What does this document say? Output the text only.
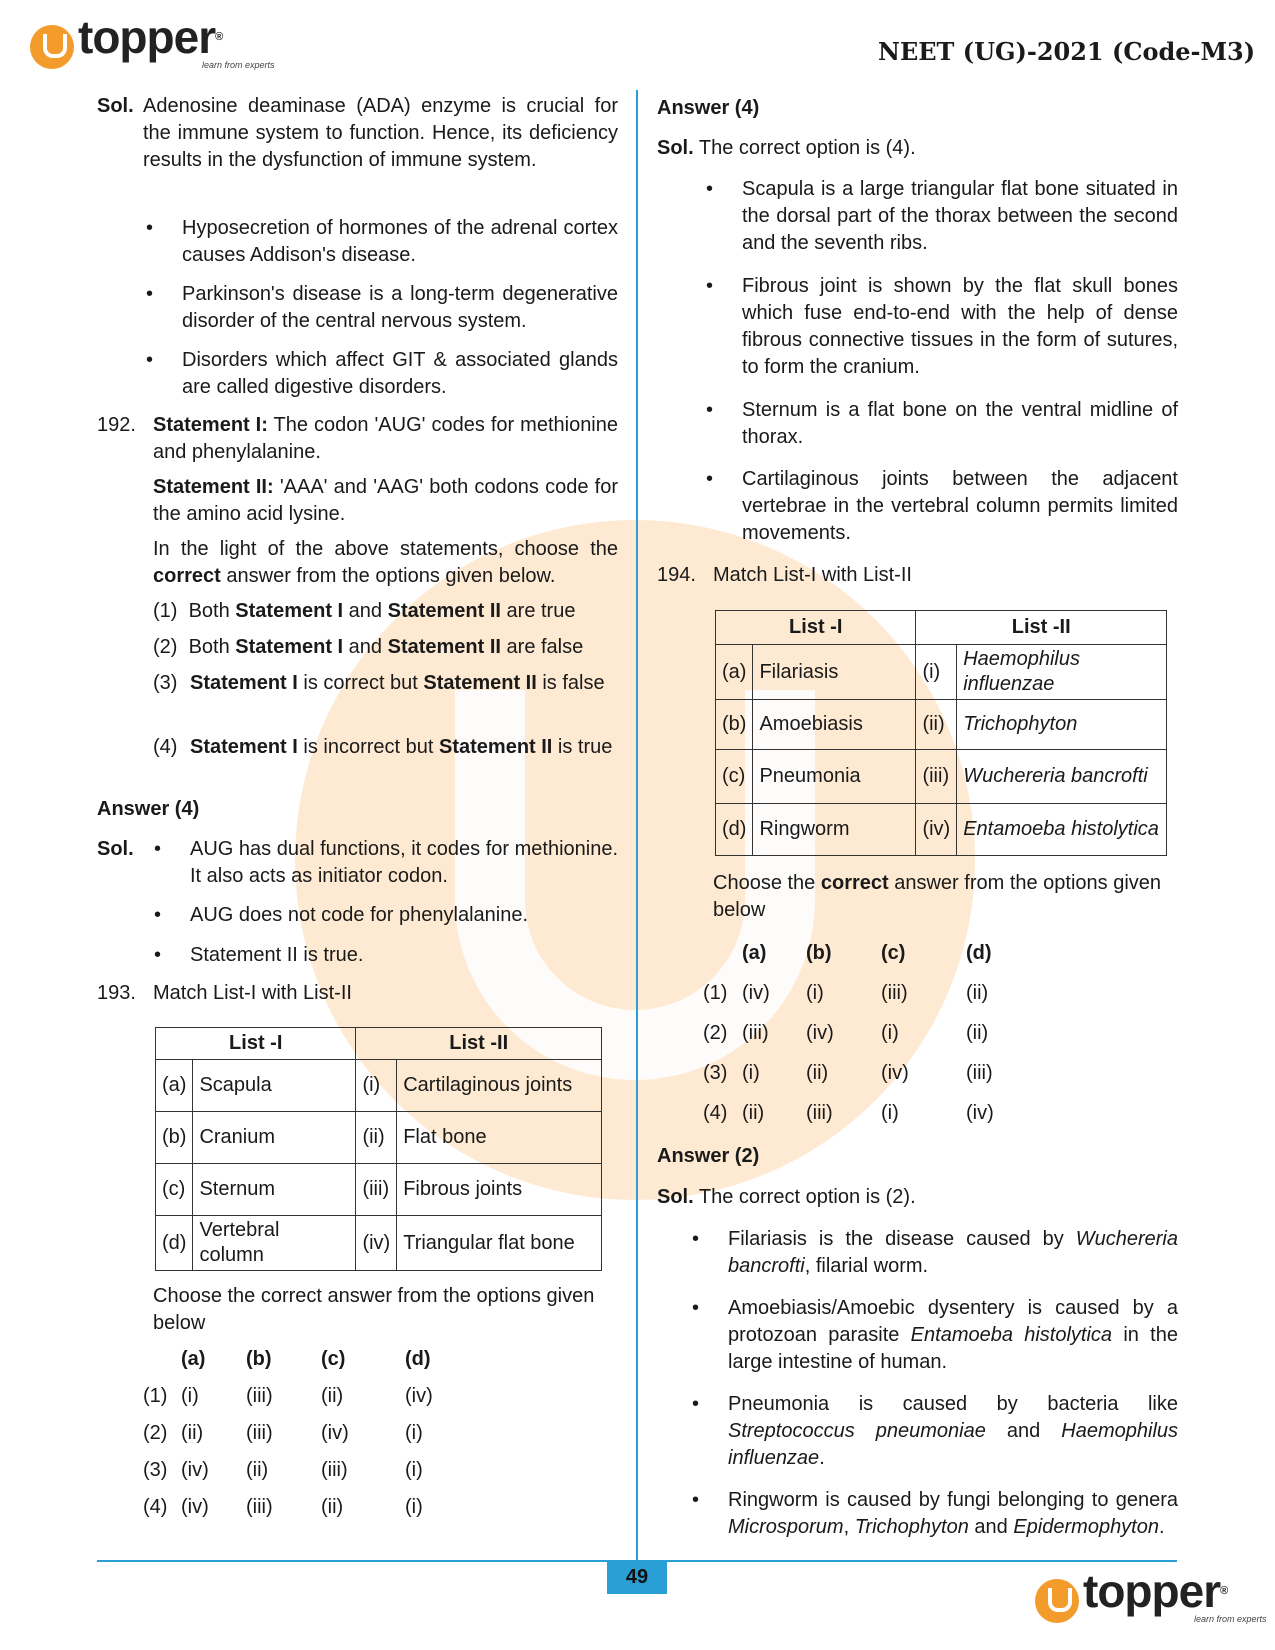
topper®
learn from experts	NEET (UG)-2021 (Code-M3)
Sol. Adenosine deaminase (ADA) enzyme is crucial for the immune system to function. Hence, its deficiency results in the dysfunction of immune system.
• Hyposecretion of hormones of the adrenal cortex causes Addison's disease.
• Parkinson's disease is a long-term degenerative disorder of the central nervous system.
• Disorders which affect GIT & associated glands are called digestive disorders.
192. Statement I: The codon 'AUG' codes for methionine and phenylalanine.
Statement II: 'AAA' and 'AAG' both codons code for the amino acid lysine.
In the light of the above statements, choose the correct answer from the options given below.
(1) Both Statement I and Statement II are true
(2) Both Statement I and Statement II are false
(3) Statement I is correct but Statement II is false
(4) Statement I is incorrect but Statement II is true
Answer (4)
Sol.	• AUG has dual functions, it codes for methionine. It also acts as initiator codon.
• AUG does not code for phenylalanine.
• Statement II is true.
193. Match List-I with List-II
List -I		List -II	
(a)	Scapula	(i)	Cartilaginous joints
(b)	Cranium	(ii)	Flat bone
(c)	Sternum	(iii)	Fibrous joints
(d)	Vertebral column	(iv)	Triangular flat bone
Choose the correct answer from the options given below
(a) (b) (c)	(d)
(1) (i) (iii) (ii)	(iv)
(2) (ii) (iii) (iv)	(i)
(3) (iv) (ii)	(iii)	(i)
(4) (iv) (iii) (ii)	(i)
Answer (4)
Sol. The correct option is (4).
• Scapula is a large triangular flat bone situated in the dorsal part of the thorax between the second and the seventh ribs.
• Fibrous joint is shown by the flat skull bones which fuse end-to-end with the help of dense fibrous connective tissues in the form of sutures, to form the cranium.
• Sternum is a flat bone on the ventral midline of thorax.
• Cartilaginous joints between the adjacent vertebrae in the vertebral column permits limited movements.
194. Match List-I with List-II
List -I		List -II	
(a)	Filariasis	(i)	Haemophilus influenzae
(b)	Amoebiasis	(ii)	Trichophyton
(c)	Pneumonia	(iii)	Wuchereria bancrofti
(d)	Ringworm	(iv)	Entamoeba histolytica
Choose the correct answer from the options given below
(a) (b) (c)	(d)
(1) (iv) (i)	(iii)	(ii)
(2) (iii) (iv) (i)	(ii)
(3) (i) (ii)	(iv)	(iii)
(4) (ii) (iii) (i)	(iv)
Answer (2)
Sol. The correct option is (2).
• Filariasis is the disease caused by Wuchereria bancrofti, filarial worm.
• Amoebiasis/Amoebic dysentery is caused by a protozoan parasite Entamoeba histolytica in the large intestine of human.
• Pneumonia is caused by bacteria like Streptococcus pneumoniae and Haemophilus influenzae.
• Ringworm is caused by fungi belonging to genera Microsporum, Trichophyton and Epidermophyton.
49	topper®
learn from experts
